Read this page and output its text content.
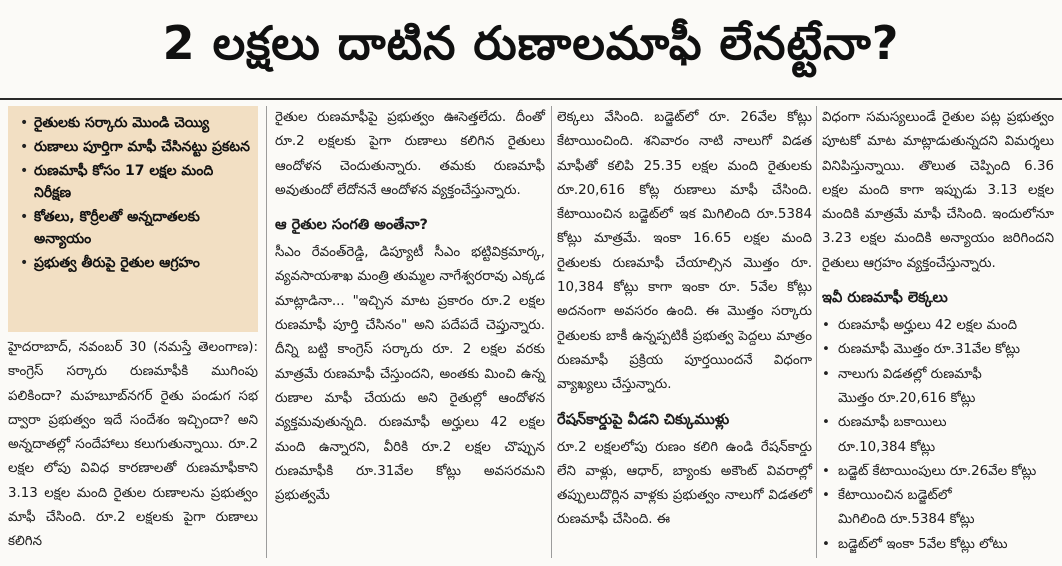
2 లక్షలు దాటిన రుణాలమాఫీ లేనట్టేనా?
• రైతులకు సర్కారు మొండి చెయ్యి
• రుణాలు పూర్తిగా మాఫీ చేసినట్టు ప్రకటన
• రుణమాఫీ కోసం 17 లక్షల మంది నిరీక్షణ
• కోతలు, కొర్రీలతో అన్నదాతలకు అన్యాయం
• ప్రభుత్వ తీరుపై రైతుల ఆగ్రహం

హైదరాబాద్, నవంబర్ 30 (నమస్తే తెలంగాణ): కాంగ్రెస్ సర్కారు రుణమాఫీకి ముగింపు పలికిందా? మహబూబ్‌నగర్ రైతు పండుగ సభ ద్వారా ప్రభుత్వం ఇదే సందేశం ఇచ్చిందా? అని అన్నదాతల్లో సందేహాలు కలుగుతున్నాయి. రూ.2 లక్షల లోపు వివిధ కారణాలతో రుణమాఫీకాని 3.13 లక్షల మంది రైతుల రుణాలను ప్రభుత్వం మాఫీ చేసింది. రూ.2 లక్షలకు పైగా రుణాలు కలిగిన

రైతుల రుణమాఫీపై ప్రభుత్వం ఊసెత్తలేదు. దీంతో రూ.2 లక్షలకు పైగా రుణాలు కలిగిన రైతులు ఆందోళన చెందుతున్నారు. తమకు రుణమాఫీ అవుతుందో లేదోననే ఆందోళన వ్యక్తంచేస్తున్నారు.

ఆ రైతుల సంగతి అంతేనా?

సీఎం రేవంత్‌రెడ్డి, డిప్యూటీ సీఎం భట్టివిక్రమార్క, వ్యవసాయశాఖ మంత్రి తుమ్మల నాగేశ్వరరావు ఎక్కడ మాట్లాడినా... "ఇచ్చిన మాట ప్రకారం రూ.2 లక్షల రుణమాఫీ పూర్తి చేసినం" అని పదేపదే చెప్తున్నారు. దీన్ని బట్టి కాంగ్రెస్ సర్కారు రూ. 2 లక్షల వరకు మాత్రమే రుణమాఫీ చేస్తుందని, అంతకు మించి ఉన్న రుణాల మాఫీ చేయదు అని రైతుల్లో ఆందోళన వ్యక్తమవుతున్నది. రుణమాఫీ అర్హులు 42 లక్షల మంది ఉన్నారని, వీరికి రూ.2 లక్షల చొప్పున రుణమాఫీకి రూ.31వేల కోట్లు అవసరమని ప్రభుత్వమే

లెక్కలు వేసింది. బడ్జెట్‌లో రూ. 26వేల కోట్లు కేటాయించింది. శనివారం నాటి నాలుగో విడత మాఫీతో కలిపి 25.35 లక్షల మంది రైతులకు రూ.20,616 కోట్ల రుణాలు మాఫీ చేసింది. కేటాయించిన బడ్జెట్‌లో ఇక మిగిలింది రూ.5384 కోట్లు మాత్రమే. ఇంకా 16.65 లక్షల మంది రైతులకు రుణమాఫీ చేయాల్సిన మొత్తం రూ. 10,384 కోట్లు కాగా ఇంకా రూ. 5వేల కోట్లు అదనంగా అవసరం ఉంది. ఈ మొత్తం సర్కారు రైతులకు బాకీ ఉన్నప్పటికీ ప్రభుత్వ పెద్దలు మాత్రం రుణమాఫీ ప్రక్రియ పూర్తయిందనే విధంగా వ్యాఖ్యలు చేస్తున్నారు.

రేషన్‌కార్డుపై వీడని చిక్కుముళ్లు

రూ.2 లక్షలలోపు రుణం కలిగి ఉండి రేషన్‌కార్డు లేని వాళ్లు, ఆధార్, బ్యాంకు అకౌంట్ వివరాల్లో తప్పులుదొర్లిన వాళ్లకు ప్రభుత్వం నాలుగో విడతలో రుణమాఫీ చేసింది. ఈ

విధంగా సమస్యలుండే రైతుల పట్ల ప్రభుత్వం పూటకో మాట మాట్లాడుతున్నదని విమర్శలు వినిపిస్తున్నాయి. తొలుత చెప్పింది 6.36 లక్షల మంది కాగా ఇప్పుడు 3.13 లక్షల మందికి మాత్రమే మాఫీ చేసింది. ఇందులోనూ 3.23 లక్షల మందికి అన్యాయం జరిగిందని రైతులు ఆగ్రహం వ్యక్తంచేస్తున్నారు.

ఇవీ రుణమాఫీ లెక్కలు
• రుణమాఫీ అర్హులు 42 లక్షల మంది
• రుణమాఫీ మొత్తం రూ.31వేల కోట్లు
• నాలుగు విడతల్లో రుణమాఫీ
మొత్తం రూ.20,616 కోట్లు
• రుణమాఫీ బకాయిలు
రూ.10,384 కోట్లు
• బడ్జెట్ కేటాయింపులు రూ.26వేల కోట్లు
• కేటాయించిన బడ్జెట్‌లో
మిగిలింది రూ.5384 కోట్లు
• బడ్జెట్‌లో ఇంకా 5వేల కోట్లు లోటు
